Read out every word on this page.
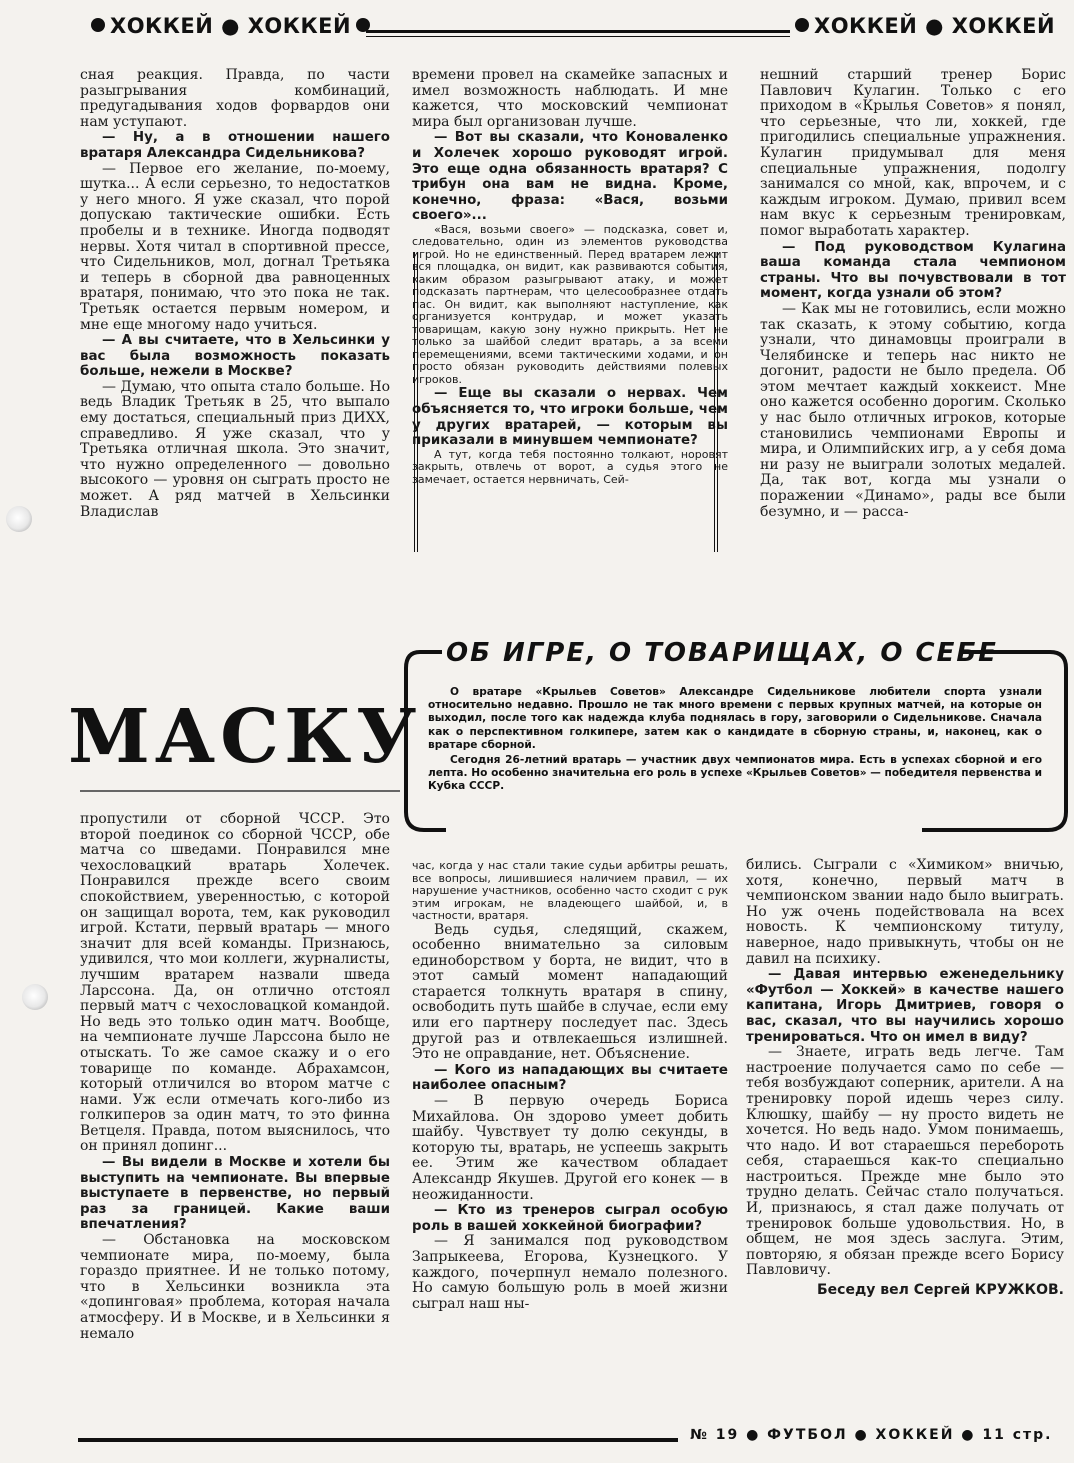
ХОККЕЙ ● ХОККЕЙ	ХОККЕЙ ● ХОККЕЙ

сная реакция. Правда, по части разыгрывания комбинаций, предугадывания ходов форвардов они нам уступают.

— Ну, а в отношении нашего вратаря Александра Сидельникова?

— Первое его желание, по-моему, шутка... А если серьезно, то недостатков у него много. Я уже сказал, что порой допускаю тактические ошибки. Есть пробелы и в технике. Иногда подводят нервы. Хотя читал в спортивной прессе, что Сидельников, мол, догнал Третьяка и теперь в сборной два равноценных вратаря, понимаю, что это пока не так. Третьяк остается первым номером, и мне еще многому надо учиться.

— А вы считаете, что в Хельсинки у вас была возможность показать больше, нежели в Москве?

— Думаю, что опыта стало больше. Но ведь Владик Третьяк в 25, что выпало ему достаться, специальный приз ДИХХ, справедливо. Я уже сказал, что у Третьяка отличная школа. Это значит, что нужно определенного — довольно высокого — уровня он сыграть просто не может. А ряд матчей в Хельсинки Владислав

времени провел на скамейке запасных и имел возможность наблюдать. И мне кажется, что московский чемпионат мира был организован лучше.

— Вот вы сказали, что Коноваленко и Холечек хорошо руководят игрой. Это еще одна обязанность вратаря? С трибун она вам не видна. Кроме, конечно, фраза: «Вася, возьми своего»...

«Вася, возьми своего» — подсказка, совет и, следовательно, один из элементов руководства игрой. Но не единственный. Перед вратарем лежит вся площадка, он видит, как развиваются события, каким образом разыгрывают атаку, и может подсказать партнерам, что целесообразнее отдать пас. Он видит, как выполняют наступление, как организуется контрудар, и может указать товарищам, какую зону нужно прикрыть. Нет не только за шайбой следит вратарь, а за всеми перемещениями, всеми тактическими ходами, и он просто обязан руководить действиями полевых игроков.

— Еще вы сказали о нервах. Чем объясняется то, что игроки больше, чем у других вратарей, — которым вы приказали в минувшем чемпионате?

А тут, когда тебя постоянно толкают, норовят закрыть, отвлечь от ворот, а судья этого не замечает, остается нервничать, Сей-

нешний старший тренер Борис Павлович Кулагин. Только с его приходом в «Крылья Советов» я понял, что серьезные, что ли, хоккей, где пригодились специальные упражнения. Кулагин придумывал для меня специальные упражнения, подолгу занимался со мной, как, впрочем, и с каждым игроком. Думаю, привил всем нам вкус к серьезным тренировкам, помог выработать характер.

— Под руководством Кулагина ваша команда стала чемпионом страны. Что вы почувствовали в тот момент, когда узнали об этом?

— Как мы не готовились, если можно так сказать, к этому событию, когда узнали, что динамовцы проиграли в Челябинске и теперь нас никто не догонит, радости не было предела. Об этом мечтает каждый хоккеист. Мне оно кажется особенно дорогим. Сколько у нас было отличных игроков, которые становились чемпионами Европы и мира, и Олимпийских игр, а у себя дома ни разу не выиграли золотых медалей. Да, так вот, когда мы узнали о поражении «Динамо», рады все были безумно, и — расса-

МАСКУ
ОБ ИГРЕ, О ТОВАРИЩАХ, О СЕБЕ

О вратаре «Крыльев Советов» Александре Сидельникове любители спорта узнали относительно недавно. Прошло не так много времени с первых крупных матчей, на которые он выходил, после того как надежда клуба поднялась в гору, заговорили о Сидельникове. Сначала как о перспективном голкипере, затем как о кандидате в сборную страны, и, наконец, как о вратаре сборной.

Сегодня 26-летний вратарь — участник двух чемпионатов мира. Есть в успехах сборной и его лепта. Но особенно значительна его роль в успехе «Крыльев Советов» — победителя первенства и Кубка СССР.

пропустили от сборной ЧССР. Это второй поединок со сборной ЧССР, обе матча со шведами. Понравился мне чехословацкий вратарь Холечек. Понравился прежде всего своим спокойствием, уверенностью, с которой он защищал ворота, тем, как руководил игрой. Кстати, первый вратарь — много значит для всей команды. Признаюсь, удивился, что мои коллеги, журналисты, лучшим вратарем назвали шведа Ларссона. Да, он отлично отстоял первый матч с чехословацкой командой. Но ведь это только один матч. Вообще, на чемпионате лучше Ларссона было не отыскать. То же самое скажу и о его товарище по команде. Абрахамсон, который отличился во втором матче с нами. Уж если отмечать кого-либо из голкиперов за один матч, то это финна Ветцеля. Правда, потом выяснилось, что он принял допинг...

— Вы видели в Москве и хотели бы выступить на чемпионате. Вы впервые выступаете в первенстве, но первый раз за границей. Какие ваши впечатления?

— Обстановка на московском чемпионате мира, по-моему, была гораздо приятнее. И не только потому, что в Хельсинки возникла эта «допинговая» проблема, которая начала атмосферу. И в Москве, и в Хельсинки я немало

час, когда у нас стали такие судьи арбитры решать, все вопросы, лишившиеся наличием правил, — их нарушение участников, особенно часто сходит с рук этим игрокам, не владеющего шайбой, и, в частности, вратаря.

Ведь судья, следящий, скажем, особенно внимательно за силовым единоборством у борта, не видит, что в этот самый момент нападающий старается толкнуть вратаря в спину, освободить путь шайбе в случае, если ему или его партнеру последует пас. Здесь другой раз и отвлекаешься излишней. Это не оправдание, нет. Объяснение.

— Кого из нападающих вы считаете наиболее опасным?

— В первую очередь Бориса Михайлова. Он здорово умеет добить шайбу. Чувствует ту долю секунды, в которую ты, вратарь, не успеешь закрыть ее. Этим же качеством обладает Александр Якушев. Другой его конек — в неожиданности.

— Кто из тренеров сыграл особую роль в вашей хоккейной биографии?

— Я занимался под руководством Запрыкеева, Егорова, Кузнецкого. У каждого, почерпнул немало полезного. Но самую большую роль в моей жизни сыграл наш ны-

бились. Сыграли с «Химиком» вничью, хотя, конечно, первый матч в чемпионском звании надо было выиграть. Но уж очень подействовала на всех новость. К чемпионскому титулу, наверное, надо привыкнуть, чтобы он не давил на психику.

— Давая интервью еженедельнику «Футбол — Хоккей» в качестве нашего капитана, Игорь Дмитриев, говоря о вас, сказал, что вы научились хорошо тренироваться. Что он имел в виду?

— Знаете, играть ведь легче. Там настроение получается само по себе — тебя возбуждают соперник, арители. А на тренировку порой идешь через силу. Клюшку, шайбу — ну просто видеть не хочется. Но ведь надо. Умом понимаешь, что надо. И вот стараешься перебороть себя, стараешься как-то специально настроиться. Прежде мне было это трудно делать. Сейчас стало получаться. И, признаюсь, я стал даже получать от тренировок больше удовольствия. Но, в общем, не моя здесь заслуга. Этим, повторяю, я обязан прежде всего Борису Павловичу.

Беседу вел Сергей КРУЖКОВ.

№ 19 ● ФУТБОЛ ● ХОККЕЙ ● 11 стр.
